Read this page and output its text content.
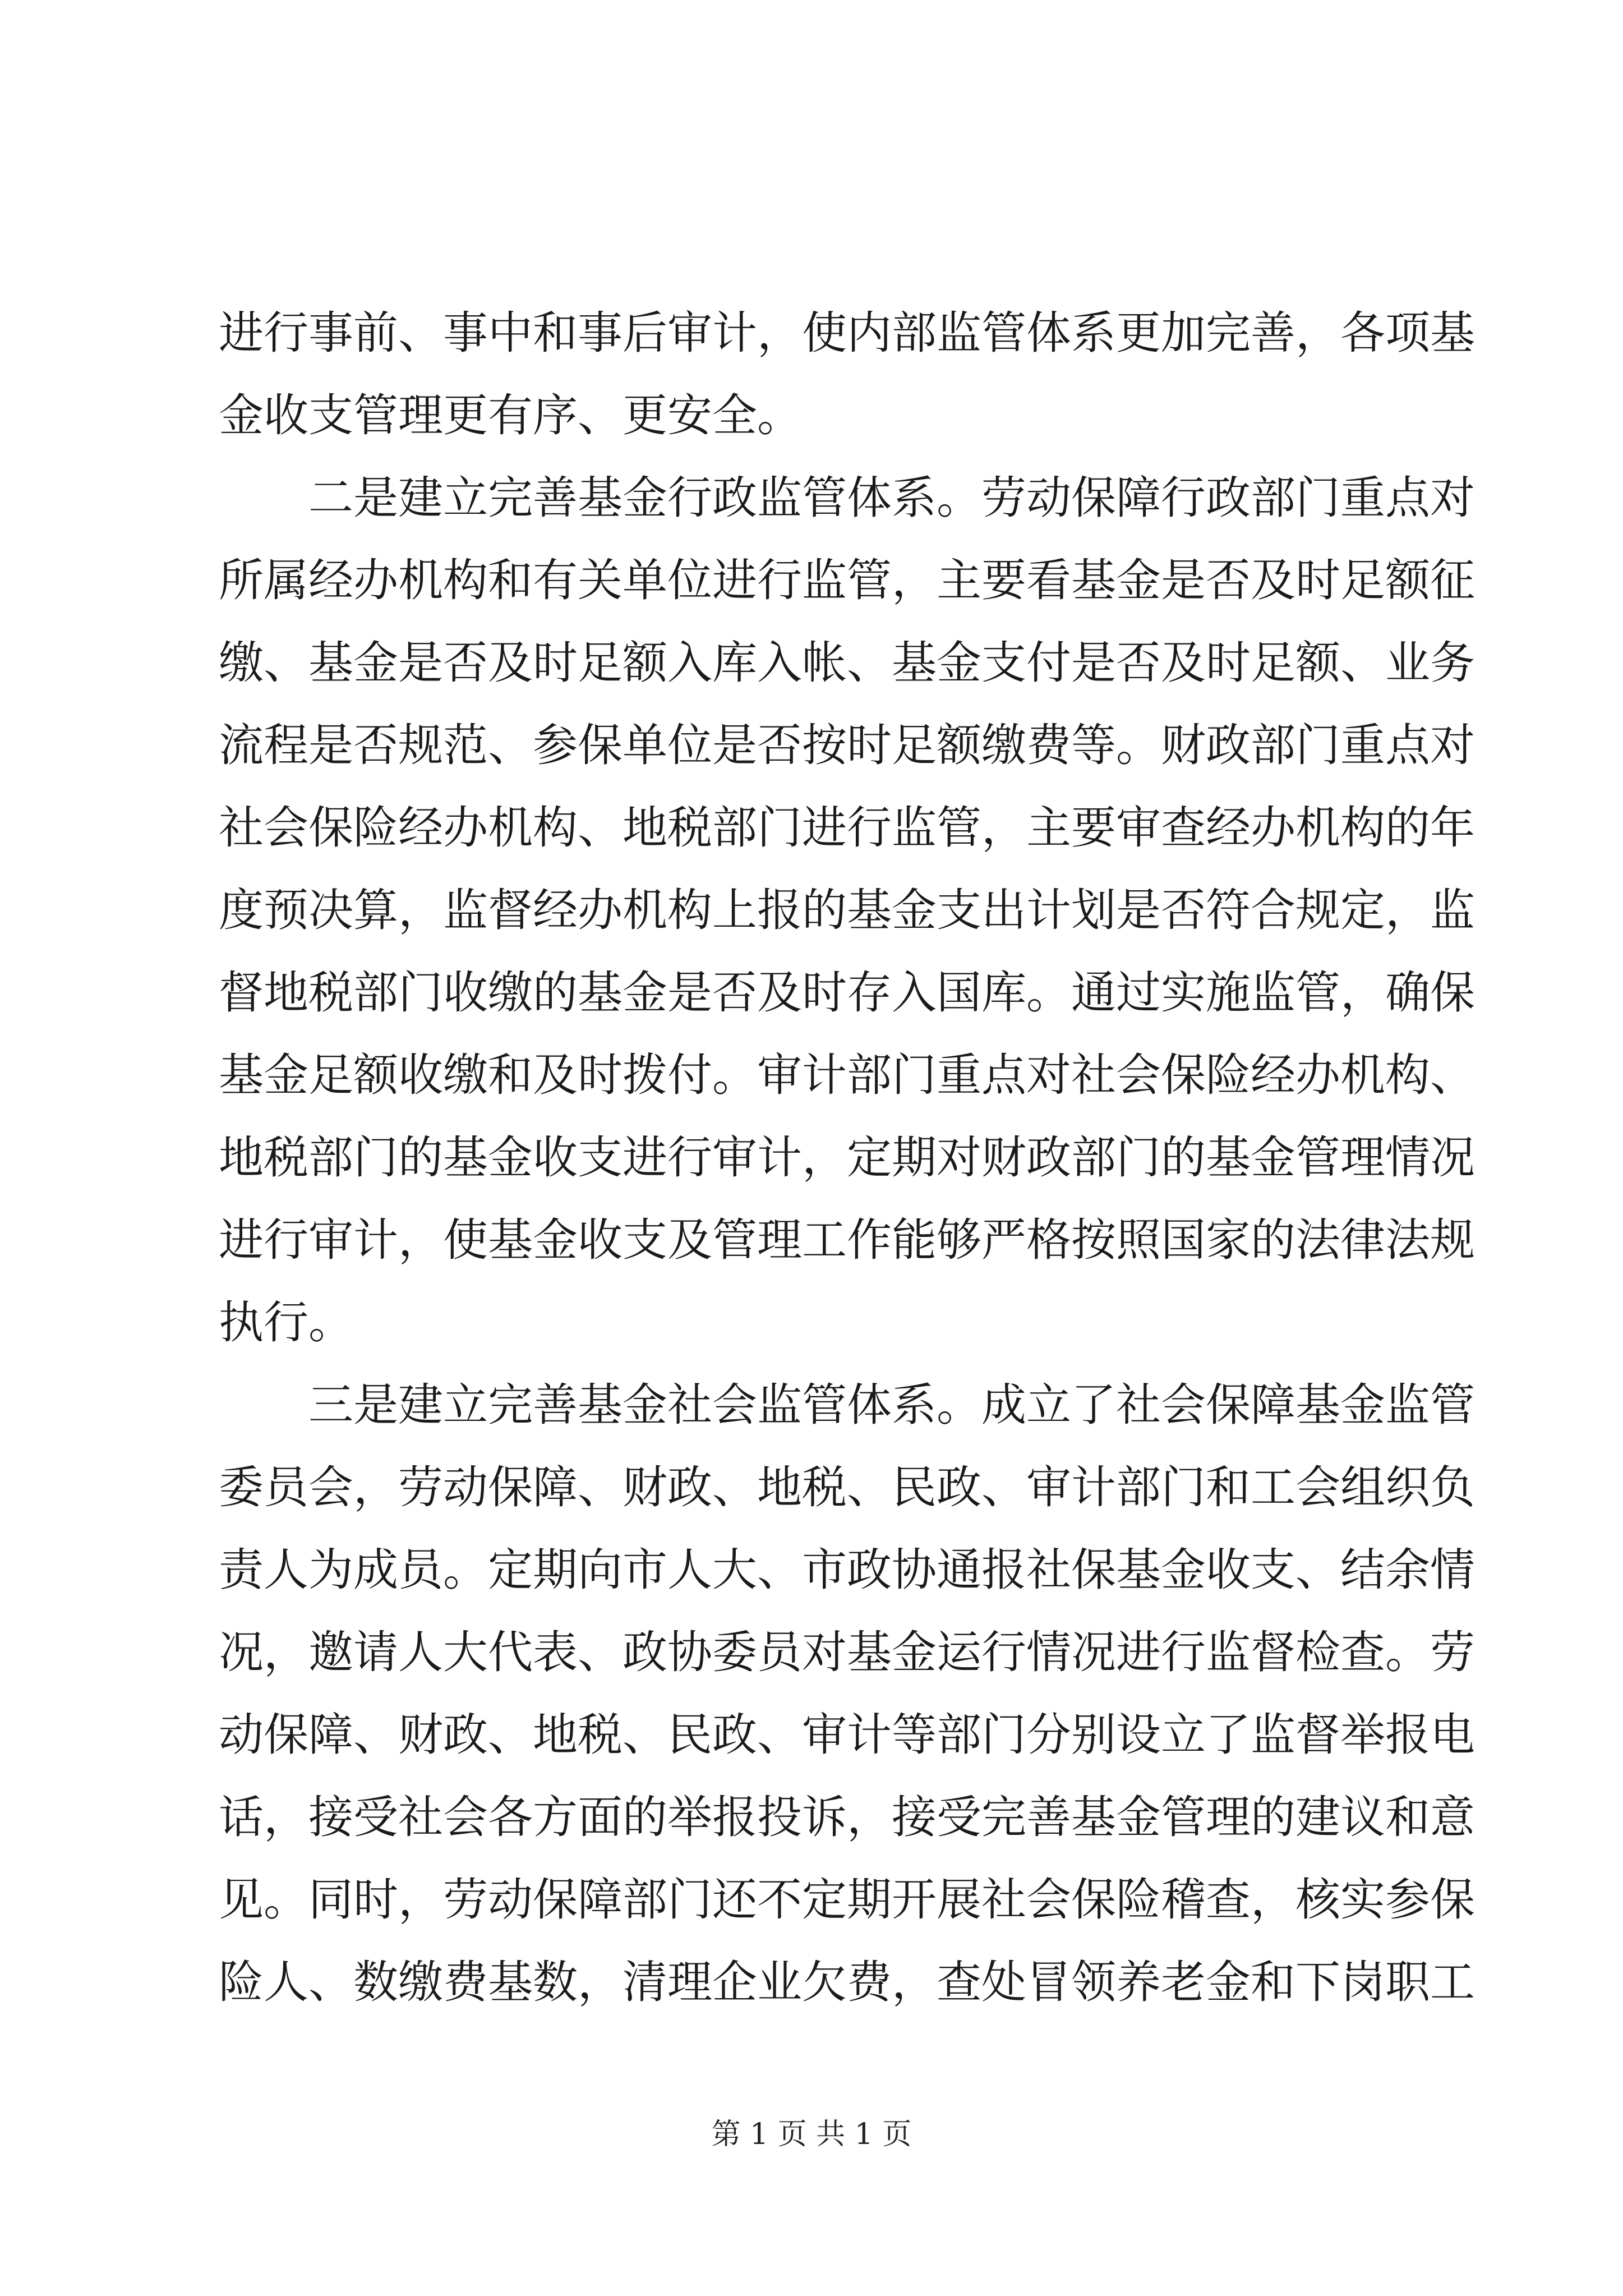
进行事前、事中和事后审计，使内部监管体系更加完善，各项基
金收支管理更有序、更安全。
　　二是建立完善基金行政监管体系。劳动保障行政部门重点对
所属经办机构和有关单位进行监管，主要看基金是否及时足额征
缴、基金是否及时足额入库入帐、基金支付是否及时足额、业务
流程是否规范、参保单位是否按时足额缴费等。财政部门重点对
社会保险经办机构、地税部门进行监管，主要审查经办机构的年
度预决算，监督经办机构上报的基金支出计划是否符合规定，监
督地税部门收缴的基金是否及时存入国库。通过实施监管，确保
基金足额收缴和及时拨付。审计部门重点对社会保险经办机构、
地税部门的基金收支进行审计，定期对财政部门的基金管理情况
进行审计，使基金收支及管理工作能够严格按照国家的法律法规
执行。
　　三是建立完善基金社会监管体系。成立了社会保障基金监管
委员会，劳动保障、财政、地税、民政、审计部门和工会组织负
责人为成员。定期向市人大、市政协通报社保基金收支、结余情
况，邀请人大代表、政协委员对基金运行情况进行监督检查。劳
动保障、财政、地税、民政、审计等部门分别设立了监督举报电
话，接受社会各方面的举报投诉，接受完善基金管理的建议和意
见。同时，劳动保障部门还不定期开展社会保险稽查，核实参保
险人、数缴费基数，清理企业欠费，查处冒领养老金和下岗职工
第 1 页 共 1 页
